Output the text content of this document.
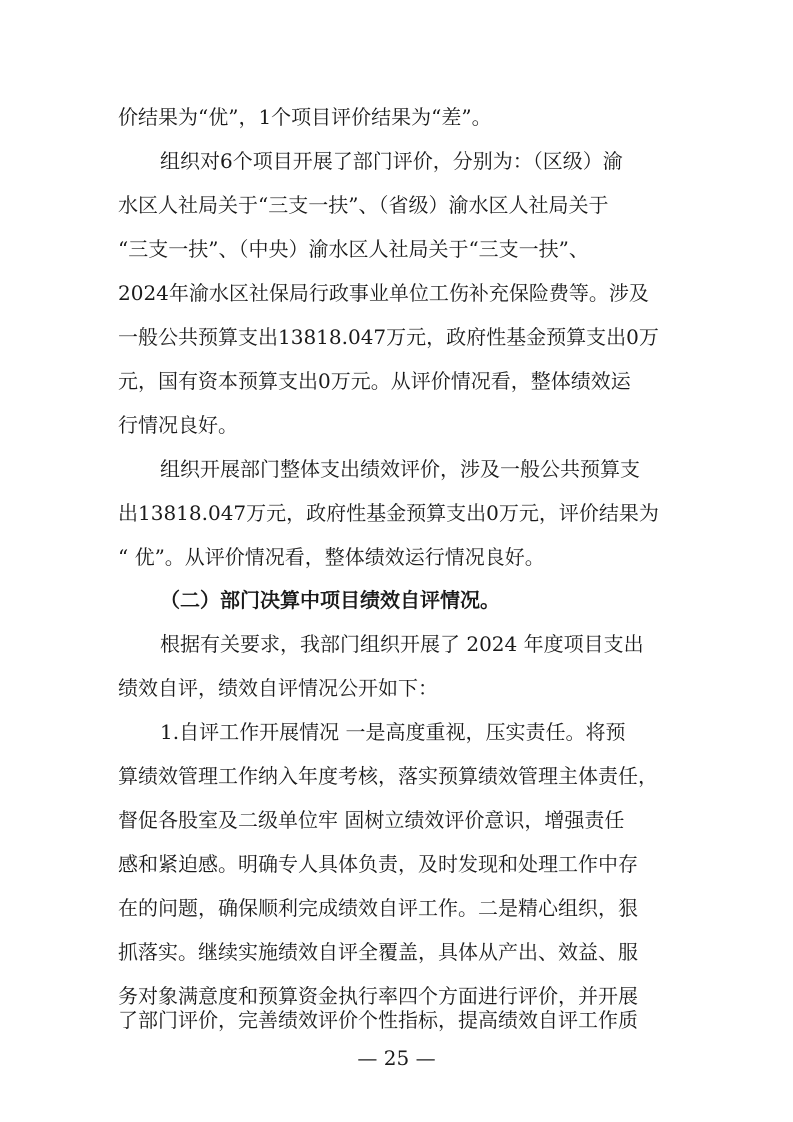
价结果为“优”，1个项目评价结果为“差”。
组织对6个项目开展了部门评价，分别为：（区级）渝
水区人社局关于“三支一扶”、（省级）渝水区人社局关于
“三支一扶”、（中央）渝水区人社局关于“三支一扶”、
2024年渝水区社保局行政事业单位工伤补充保险费等。涉及
一般公共预算支出13818.047万元，政府性基金预算支出0万
元，国有资本预算支出0万元。从评价情况看，整体绩效运
行情况良好。
组织开展部门整体支出绩效评价，涉及一般公共预算支
出13818.047万元，政府性基金预算支出0万元，评价结果为
“ 优”。从评价情况看，整体绩效运行情况良好。
（二）部门决算中项目绩效自评情况。
根据有关要求，我部门组织开展了 2024 年度项目支出
绩效自评，绩效自评情况公开如下：
1.自评工作开展情况 一是高度重视，压实责任。将预
算绩效管理工作纳入年度考核，落实预算绩效管理主体责任，
督促各股室及二级单位牢 固树立绩效评价意识，增强责任
感和紧迫感。明确专人具体负责，及时发现和处理工作中存
在的问题，确保顺利完成绩效自评工作。二是精心组织，狠
抓落实。继续实施绩效自评全覆盖，具体从产出、效益、服
务对象满意度和预算资金执行率四个方面进行评价，并开展
了部门评价，完善绩效评价个性指标，提高绩效自评工作质
— 25 —
